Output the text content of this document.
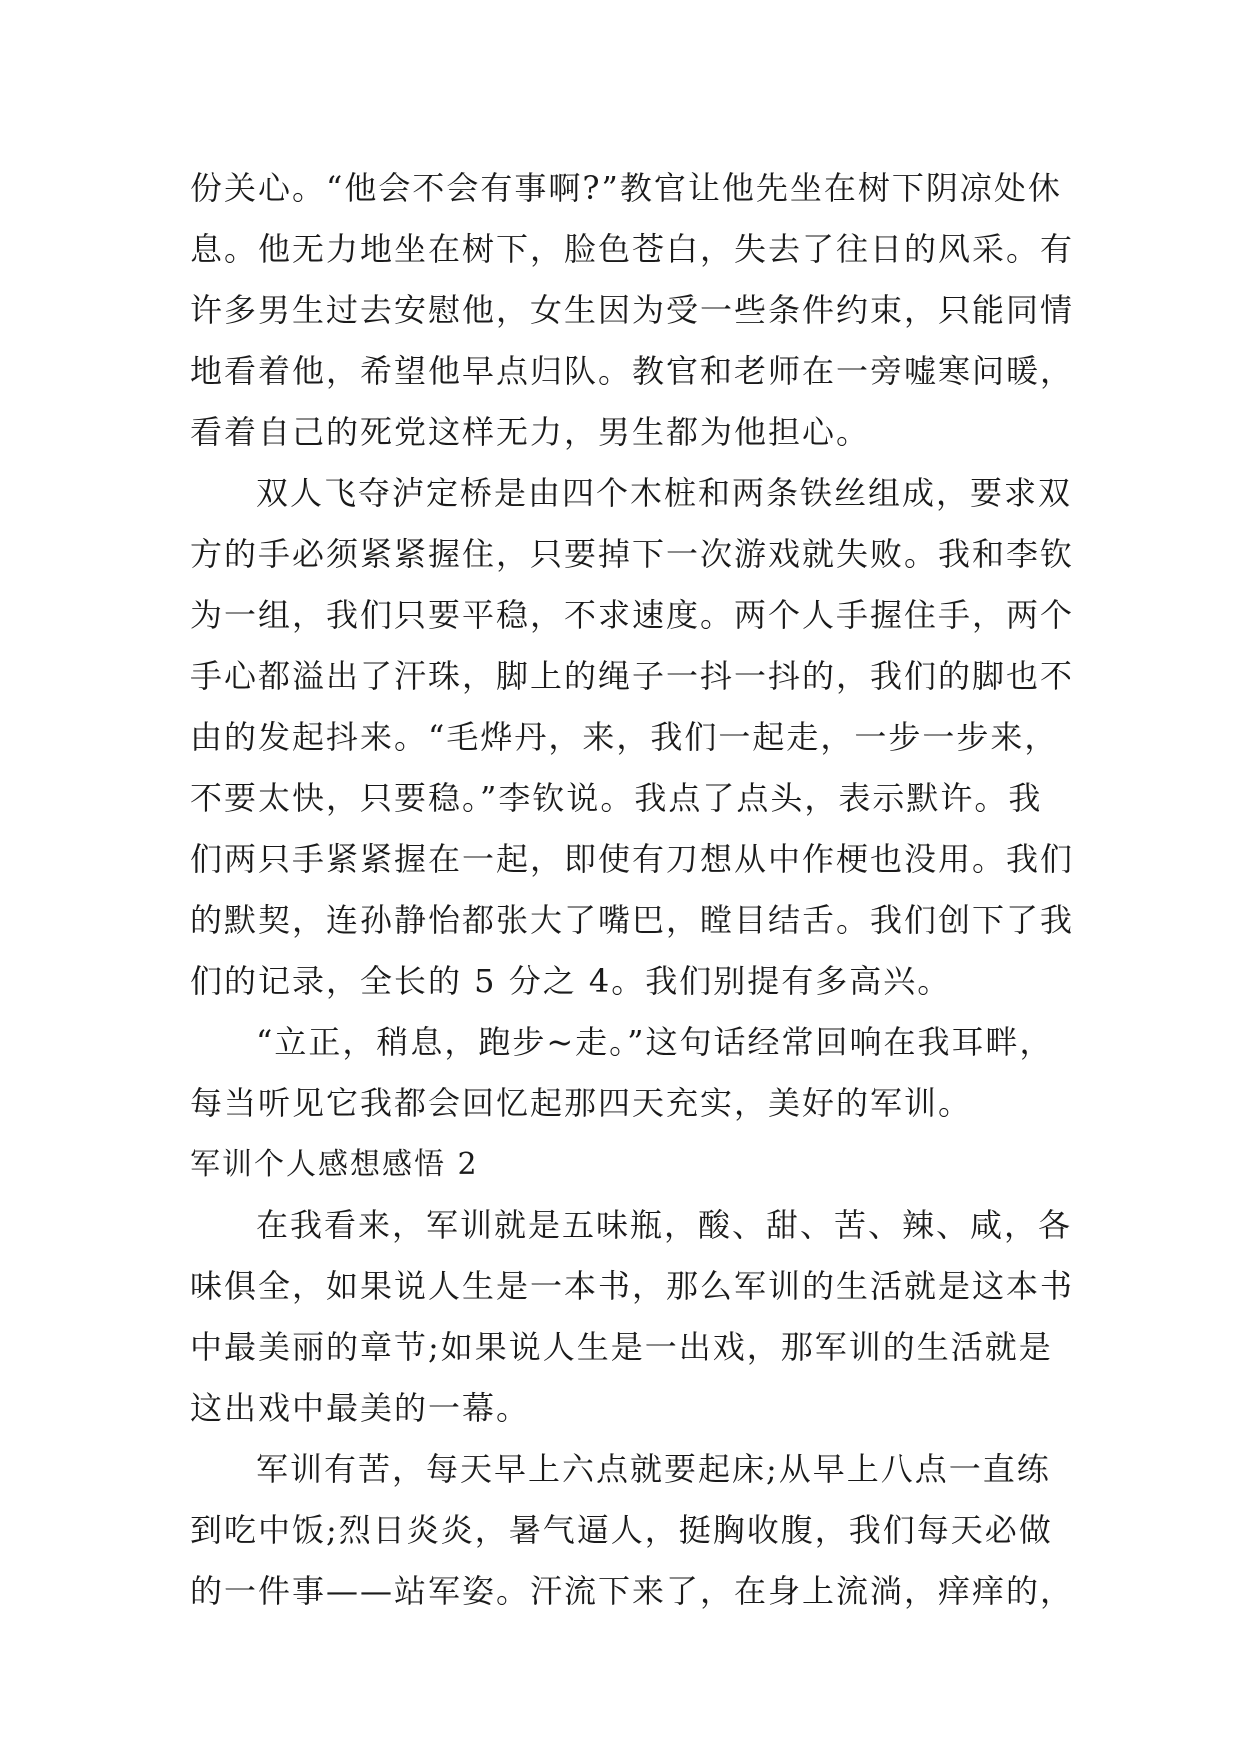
份关心。“他会不会有事啊?”教官让他先坐在树下阴凉处休
息。他无力地坐在树下，脸色苍白，失去了往日的风采。有
许多男生过去安慰他，女生因为受一些条件约束，只能同情
地看着他，希望他早点归队。教官和老师在一旁嘘寒问暖，
看着自己的死党这样无力，男生都为他担心。
双人飞夺泸定桥是由四个木桩和两条铁丝组成，要求双
方的手必须紧紧握住，只要掉下一次游戏就失败。我和李钦
为一组，我们只要平稳，不求速度。两个人手握住手，两个
手心都溢出了汗珠，脚上的绳子一抖一抖的，我们的脚也不
由的发起抖来。“毛烨丹，来，我们一起走，一步一步来，
不要太快，只要稳。”李钦说。我点了点头，表示默许。我
们两只手紧紧握在一起，即使有刀想从中作梗也没用。我们
的默契，连孙静怡都张大了嘴巴，瞠目结舌。我们创下了我
们的记录，全长的 5 分之 4。我们别提有多高兴。
“立正，稍息，跑步~走。”这句话经常回响在我耳畔，
每当听见它我都会回忆起那四天充实，美好的军训。
军训个人感想感悟 2
在我看来，军训就是五味瓶，酸、甜、苦、辣、咸，各
味俱全，如果说人生是一本书，那么军训的生活就是这本书
中最美丽的章节;如果说人生是一出戏，那军训的生活就是
这出戏中最美的一幕。
军训有苦，每天早上六点就要起床;从早上八点一直练
到吃中饭;烈日炎炎，暑气逼人，挺胸收腹，我们每天必做
的一件事——站军姿。汗流下来了，在身上流淌，痒痒的，
